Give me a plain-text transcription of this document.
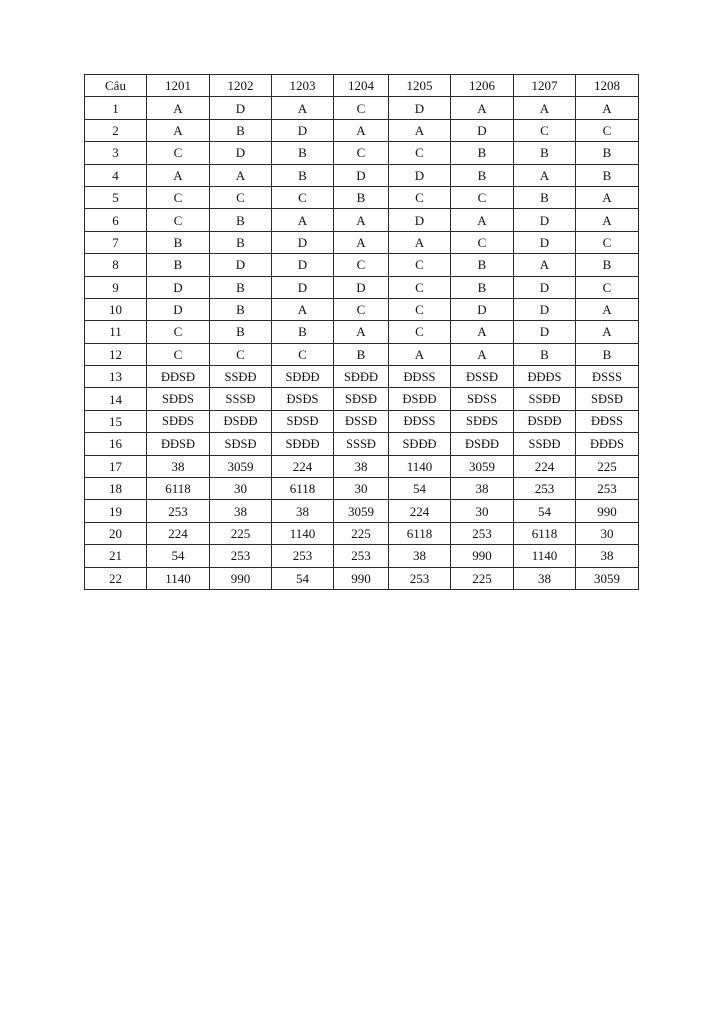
Câu	1201	1202	1203	1204	1205	1206	1207	1208
1	A	D	A	C	D	A	A	A
2	A	B	D	A	A	D	C	C
3	C	D	B	C	C	B	B	B
4	A	A	B	D	D	B	A	B
5	C	C	C	B	C	C	B	A
6	C	B	A	A	D	A	D	A
7	B	B	D	A	A	C	D	C
8	B	D	D	C	C	B	A	B
9	D	B	D	D	C	B	D	C
10	D	B	A	C	C	D	D	A
11	C	B	B	A	C	A	D	A
12	C	C	C	B	A	A	B	B
13	ĐĐSĐ	SSĐĐ	SĐĐĐ	SĐĐĐ	ĐĐSS	ĐSSĐ	ĐĐĐS	ĐSSS
14	SĐĐS	SSSĐ	ĐSĐS	SĐSĐ	ĐSĐĐ	SĐSS	SSĐĐ	SĐSĐ
15	SĐĐS	ĐSĐĐ	SĐSĐ	ĐSSĐ	ĐĐSS	SĐĐS	ĐSĐĐ	ĐĐSS
16	ĐĐSĐ	SĐSĐ	SĐĐĐ	SSSĐ	SĐĐĐ	ĐSĐĐ	SSĐĐ	ĐĐĐS
17	38	3059	224	38	1140	3059	224	225
18	6118	30	6118	30	54	38	253	253
19	253	38	38	3059	224	30	54	990
20	224	225	1140	225	6118	253	6118	30
21	54	253	253	253	38	990	1140	38
22	1140	990	54	990	253	225	38	3059
